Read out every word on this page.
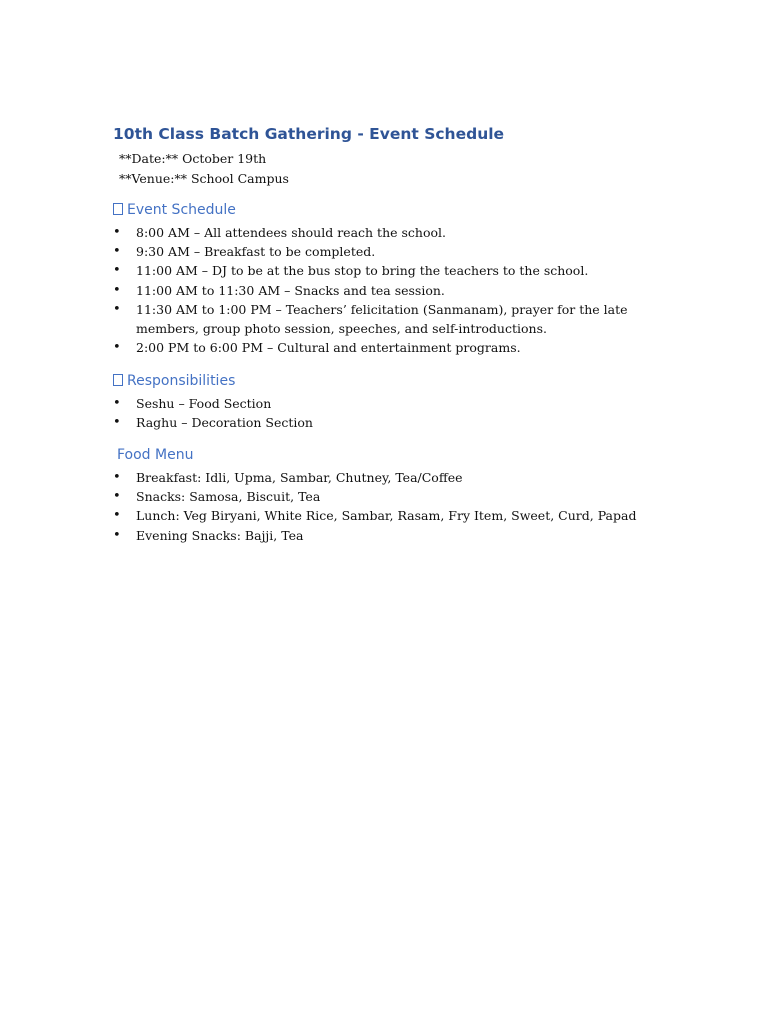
10th Class Batch Gathering - Event Schedule
**Date:** October 19th
**Venue:** School Campus
Event Schedule
• 8:00 AM – All attendees should reach the school.
• 9:30 AM – Breakfast to be completed.
• 11:00 AM – DJ to be at the bus stop to bring the teachers to the school.
• 11:00 AM to 11:30 AM – Snacks and tea session.
• 11:30 AM to 1:00 PM – Teachers’ felicitation (Sanmanam), prayer for the late members, group photo session, speeches, and self-introductions.
• 2:00 PM to 6:00 PM – Cultural and entertainment programs.
Responsibilities
• Seshu – Food Section
• Raghu – Decoration Section
Food Menu
• Breakfast: Idli, Upma, Sambar, Chutney, Tea/Coffee
• Snacks: Samosa, Biscuit, Tea
• Lunch: Veg Biryani, White Rice, Sambar, Rasam, Fry Item, Sweet, Curd, Papad
• Evening Snacks: Bajji, Tea
